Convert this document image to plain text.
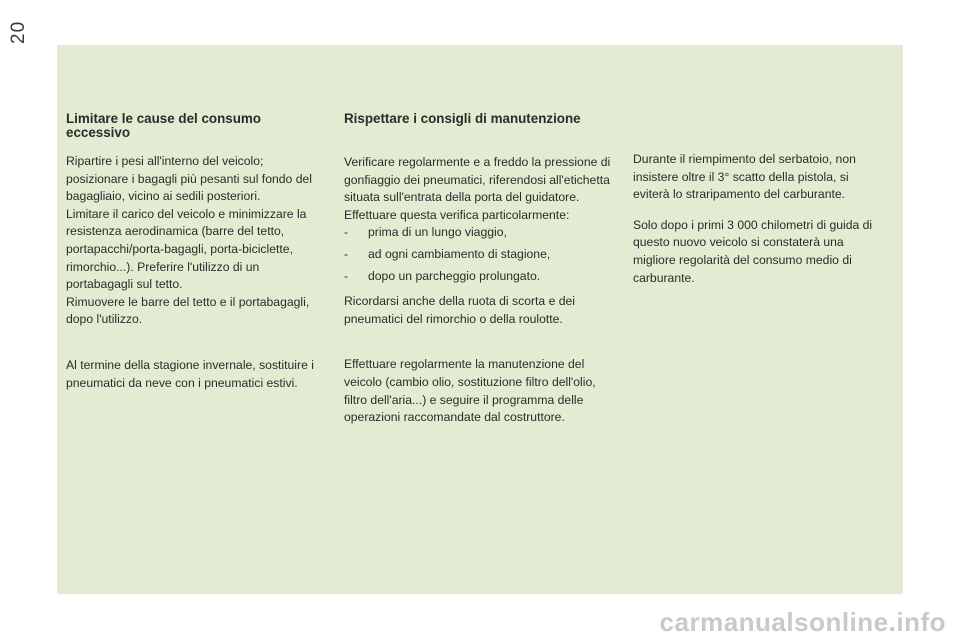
20
Limitare le cause del consumo eccessivo

Ripartire i pesi all'interno del veicolo; posizionare i bagagli più pesanti sul fondo del bagagliaio, vicino ai sedili posteriori.

Limitare il carico del veicolo e minimizzare la resistenza aerodinamica (barre del tetto, portapacchi/porta-bagagli, porta-biciclette, rimorchio...). Preferire l'utilizzo di un portabagagli sul tetto.

Rimuovere le barre del tetto e il portabagagli, dopo l'utilizzo.

Al termine della stagione invernale, sostituire i pneumatici da neve con i pneumatici estivi.

Rispettare i consigli di manutenzione

Verificare regolarmente e a freddo la pressione di gonfiaggio dei pneumatici, riferendosi all'etichetta situata sull'entrata della porta del guidatore.

Effettuare questa verifica particolarmente:

-	prima di un lungo viaggio,
-	ad ogni cambiamento di stagione,
-	dopo un parcheggio prolungato.

Ricordarsi anche della ruota di scorta e dei pneumatici del rimorchio o della roulotte.

Effettuare regolarmente la manutenzione del veicolo (cambio olio, sostituzione filtro dell'olio, filtro dell'aria...) e seguire il programma delle operazioni raccomandate dal costruttore.

Durante il riempimento del serbatoio, non insistere oltre il 3° scatto della pistola, si eviterà lo straripamento del carburante.

Solo dopo i primi 3 000 chilometri di guida di questo nuovo veicolo si constaterà una migliore regolarità del consumo medio di carburante.

carmanualsonline.info
